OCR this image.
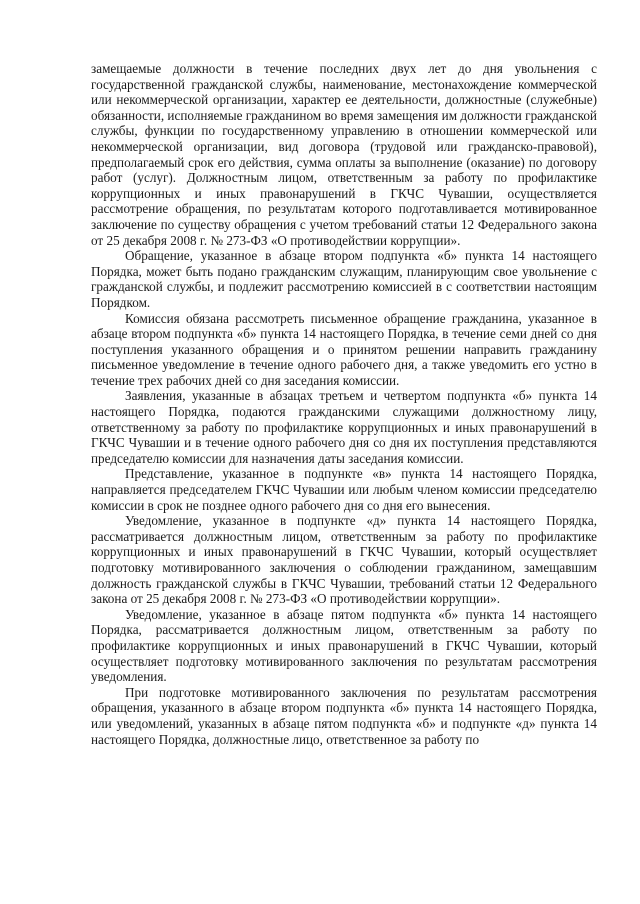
замещаемые должности в течение последних двух лет до дня увольнения с государственной гражданской службы, наименование, местонахождение коммерческой или некоммерческой организации, характер ее деятельности, должностные (служебные) обязанности, исполняемые гражданином во время замещения им должности гражданской службы, функции по государственному управлению в отношении коммерческой или некоммерческой организации, вид договора (трудовой или гражданско-правовой), предполагаемый срок его действия, сумма оплаты за выполнение (оказание) по договору работ (услуг). Должностным лицом, ответственным за работу по профилактике коррупционных и иных правонарушений в ГКЧС Чувашии, осуществляется рассмотрение обращения, по результатам которого подготавливается мотивированное заключение по существу обращения с учетом требований статьи 12 Федерального закона от 25 декабря 2008 г. № 273-ФЗ «О противодействии коррупции».

Обращение, указанное в абзаце втором подпункта «б» пункта 14 настоящего Порядка, может быть подано гражданским служащим, планирующим свое увольнение с гражданской службы, и подлежит рассмотрению комиссией в с соответствии настоящим Порядком.

Комиссия обязана рассмотреть письменное обращение гражданина, указанное в абзаце втором подпункта «б» пункта 14 настоящего Порядка, в течение семи дней со дня поступления указанного обращения и о принятом решении направить гражданину письменное уведомление в течение одного рабочего дня, а также уведомить его устно в течение трех рабочих дней со дня заседания комиссии.

Заявления, указанные в абзацах третьем и четвертом подпункта «б» пункта 14 настоящего Порядка, подаются гражданскими служащими должностному лицу, ответственному за работу по профилактике коррупционных и иных правонарушений в ГКЧС Чувашии и в течение одного рабочего дня со дня их поступления представляются председателю комиссии для назначения даты заседания комиссии.

Представление, указанное в подпункте «в» пункта 14 настоящего Порядка, направляется председателем ГКЧС Чувашии или любым членом комиссии председателю комиссии в срок не позднее одного рабочего дня со дня его вынесения.

Уведомление, указанное в подпункте «д» пункта 14 настоящего Порядка, рассматривается должностным лицом, ответственным за работу по профилактике коррупционных и иных правонарушений в ГКЧС Чувашии, который осуществляет подготовку мотивированного заключения о соблюдении гражданином, замещавшим должность гражданской службы в ГКЧС Чувашии, требований статьи 12 Федерального закона от 25 декабря 2008 г. № 273-ФЗ «О противодействии коррупции».

Уведомление, указанное в абзаце пятом подпункта «б» пункта 14 настоящего Порядка, рассматривается должностным лицом, ответственным за работу по профилактике коррупционных и иных правонарушений в ГКЧС Чувашии, который осуществляет подготовку мотивированного заключения по результатам рассмотрения уведомления.

При подготовке мотивированного заключения по результатам рассмотрения обращения, указанного в абзаце втором подпункта «б» пункта 14 настоящего Порядка, или уведомлений, указанных в абзаце пятом подпункта «б» и подпункте «д» пункта 14 настоящего Порядка, должностные лицо, ответственное за работу по
